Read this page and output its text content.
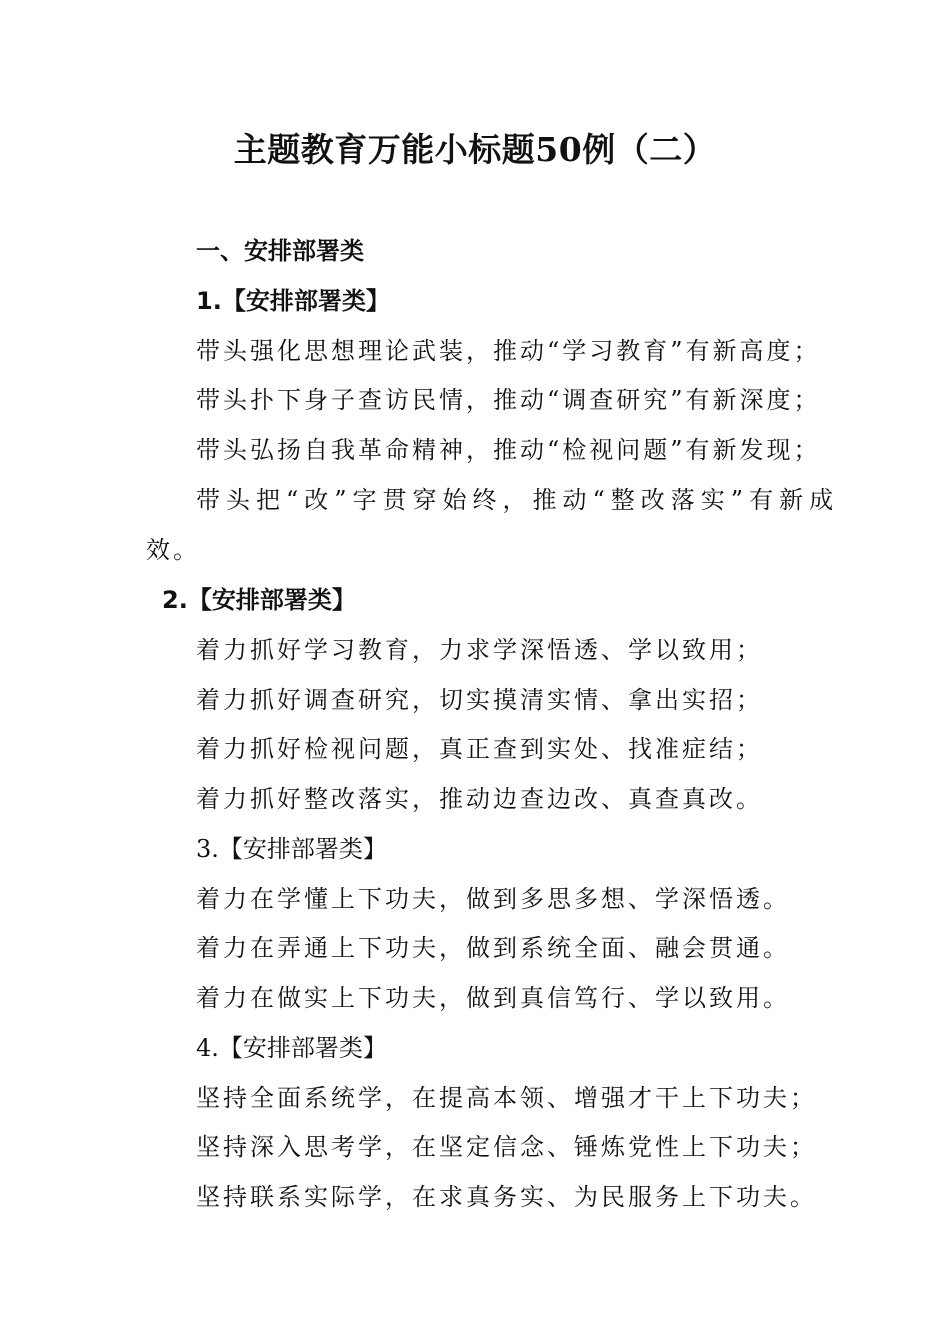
主题教育万能小标题50例（二）
一、安排部署类
1.【安排部署类】
带头强化思想理论武装，推动“学习教育”有新高度；
带头扑下身子查访民情，推动“调查研究”有新深度；
带头弘扬自我革命精神，推动“检视问题”有新发现；
带头把“改”字贯穿始终，推动“整改落实”有新成
效。
2.【安排部署类】
着力抓好学习教育，力求学深悟透、学以致用；
着力抓好调查研究，切实摸清实情、拿出实招；
着力抓好检视问题，真正查到实处、找准症结；
着力抓好整改落实，推动边查边改、真查真改。
3.【安排部署类】
着力在学懂上下功夫，做到多思多想、学深悟透。
着力在弄通上下功夫，做到系统全面、融会贯通。
着力在做实上下功夫，做到真信笃行、学以致用。
4.【安排部署类】
坚持全面系统学，在提高本领、增强才干上下功夫；
坚持深入思考学，在坚定信念、锤炼党性上下功夫；
坚持联系实际学，在求真务实、为民服务上下功夫。
